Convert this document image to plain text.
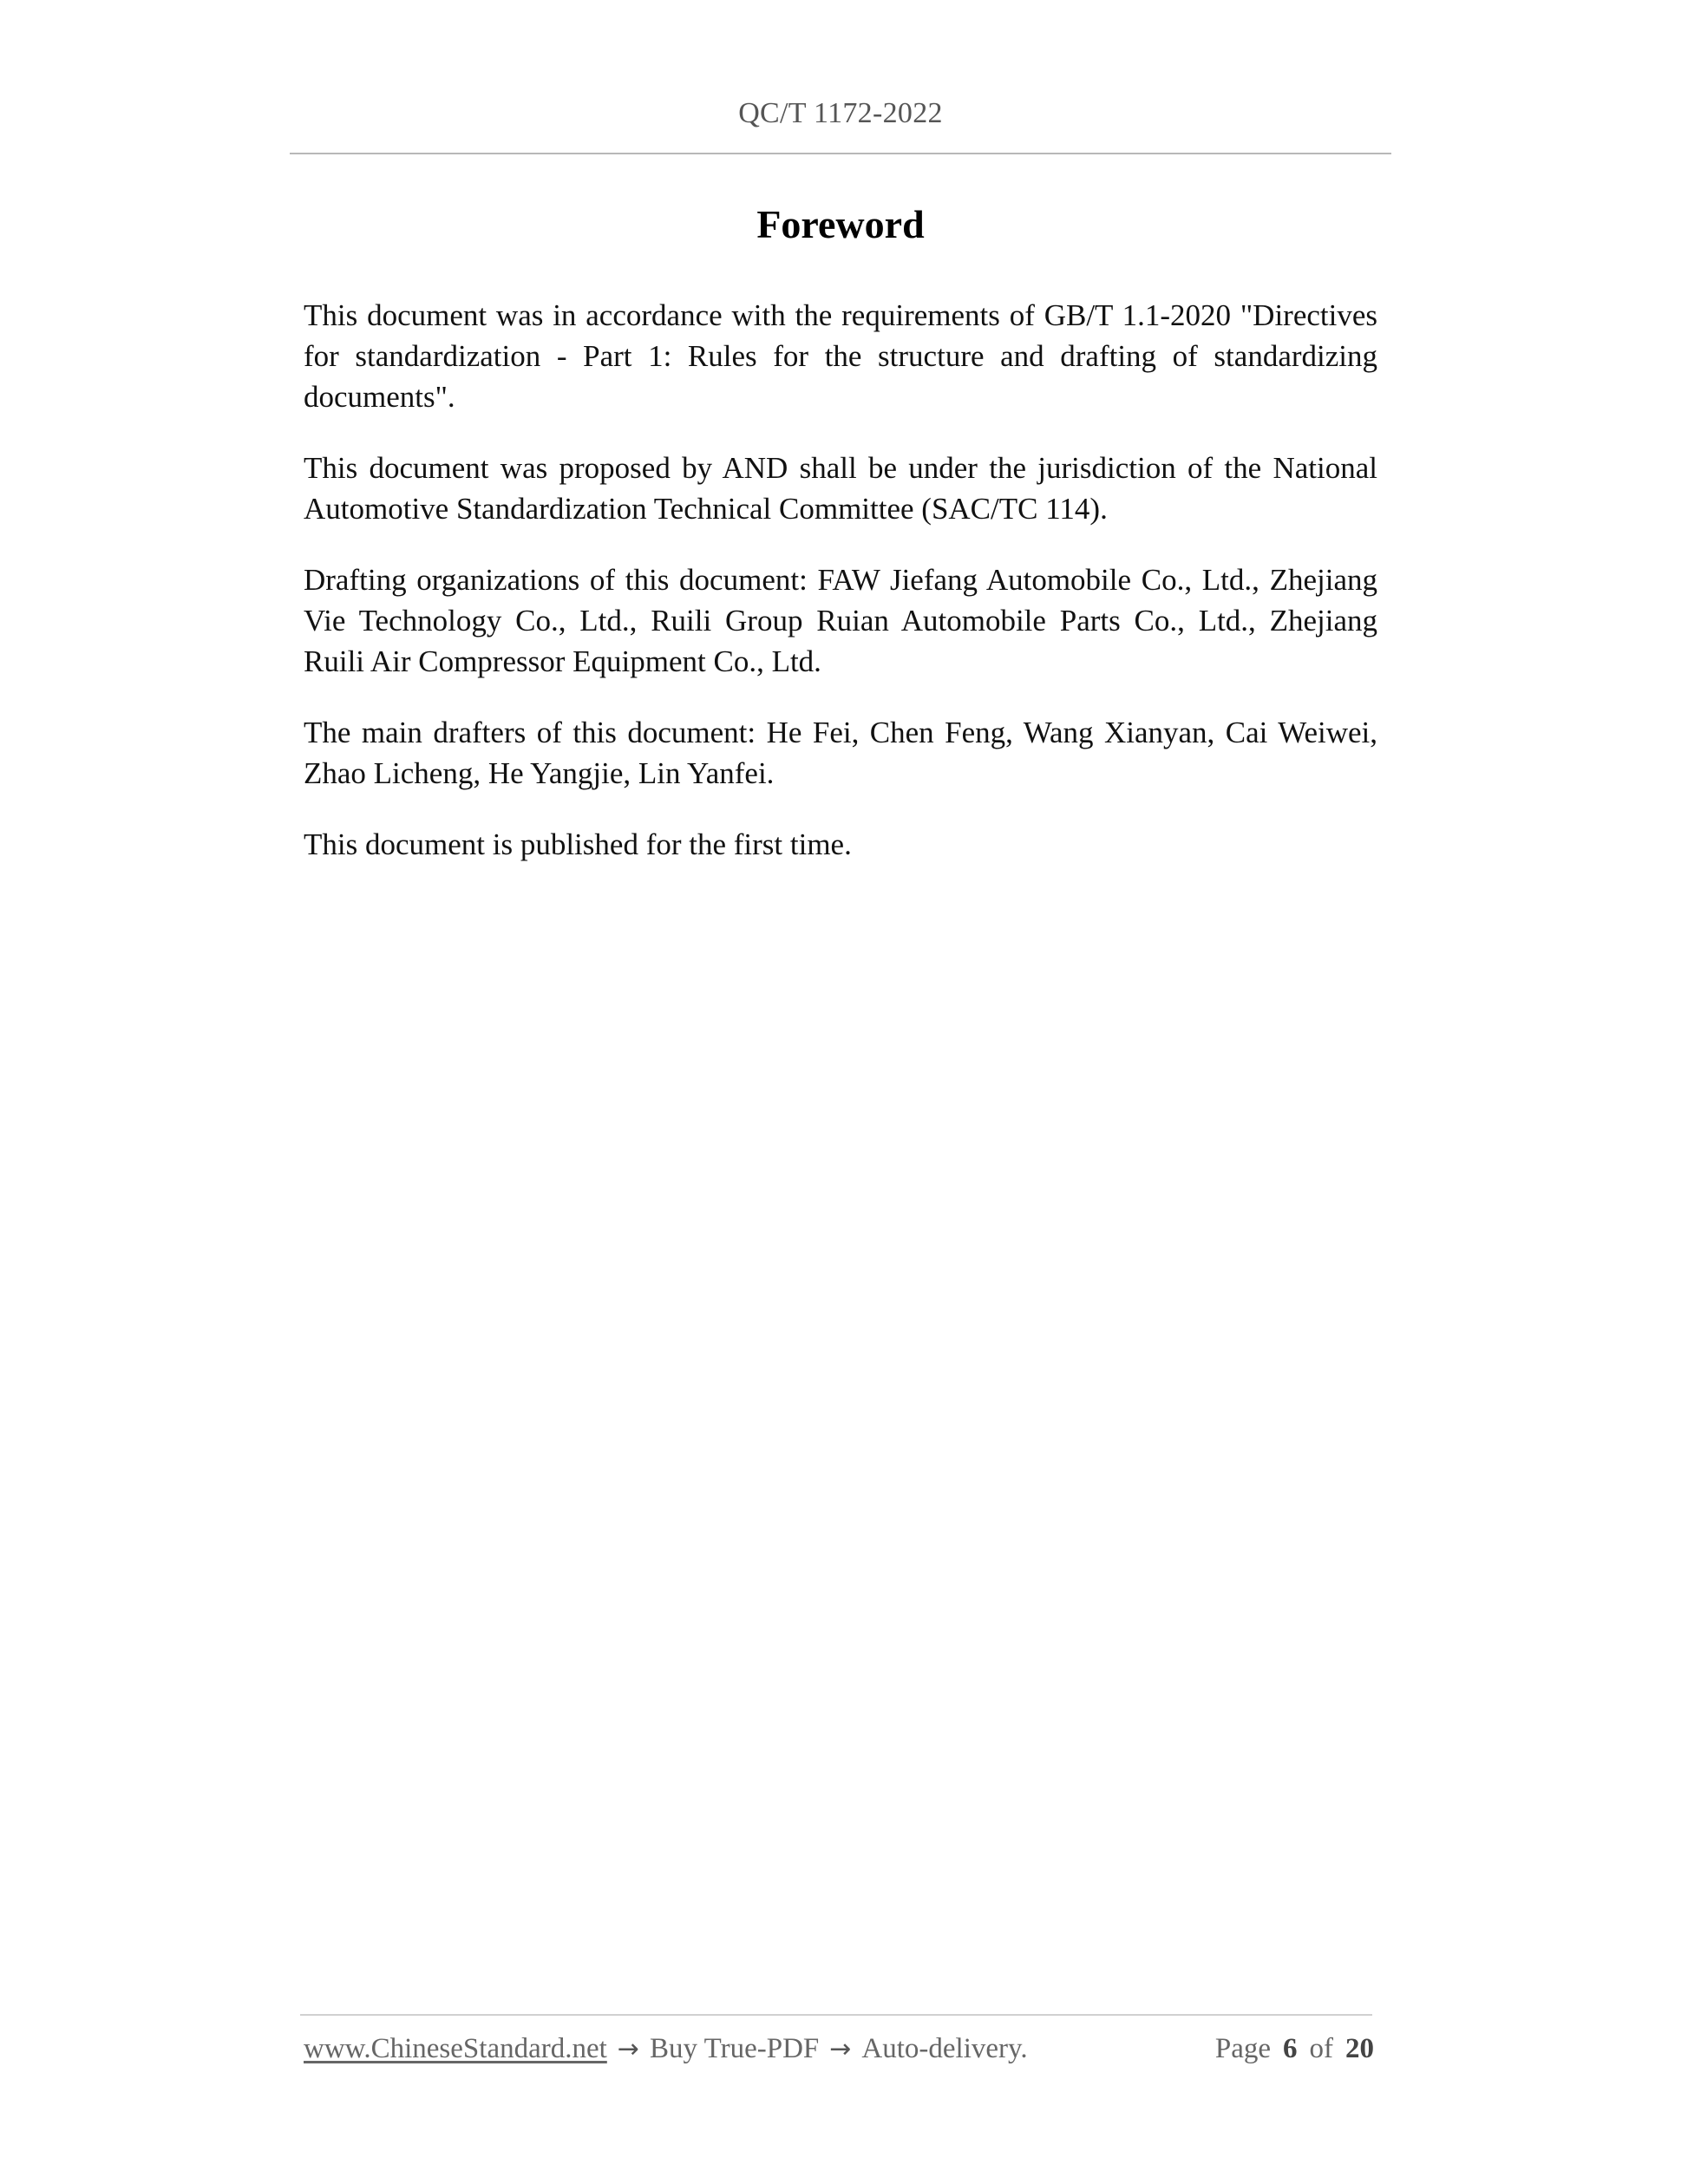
QC/T 1172-2022
Foreword

This document was in accordance with the requirements of GB/T 1.1-2020 "Directives for standardization - Part 1: Rules for the structure and drafting of standardizing documents".

This document was proposed by AND shall be under the jurisdiction of the National Automotive Standardization Technical Committee (SAC/TC 114).

Drafting organizations of this document: FAW Jiefang Automobile Co., Ltd., Zhejiang Vie Technology Co., Ltd., Ruili Group Ruian Automobile Parts Co., Ltd., Zhejiang Ruili Air Compressor Equipment Co., Ltd.

The main drafters of this document: He Fei, Chen Feng, Wang Xianyan, Cai Weiwei, Zhao Licheng, He Yangjie, Lin Yanfei.

This document is published for the first time.

www.ChineseStandard.net → Buy True-PDF → Auto-delivery.	Page 6 of 20
